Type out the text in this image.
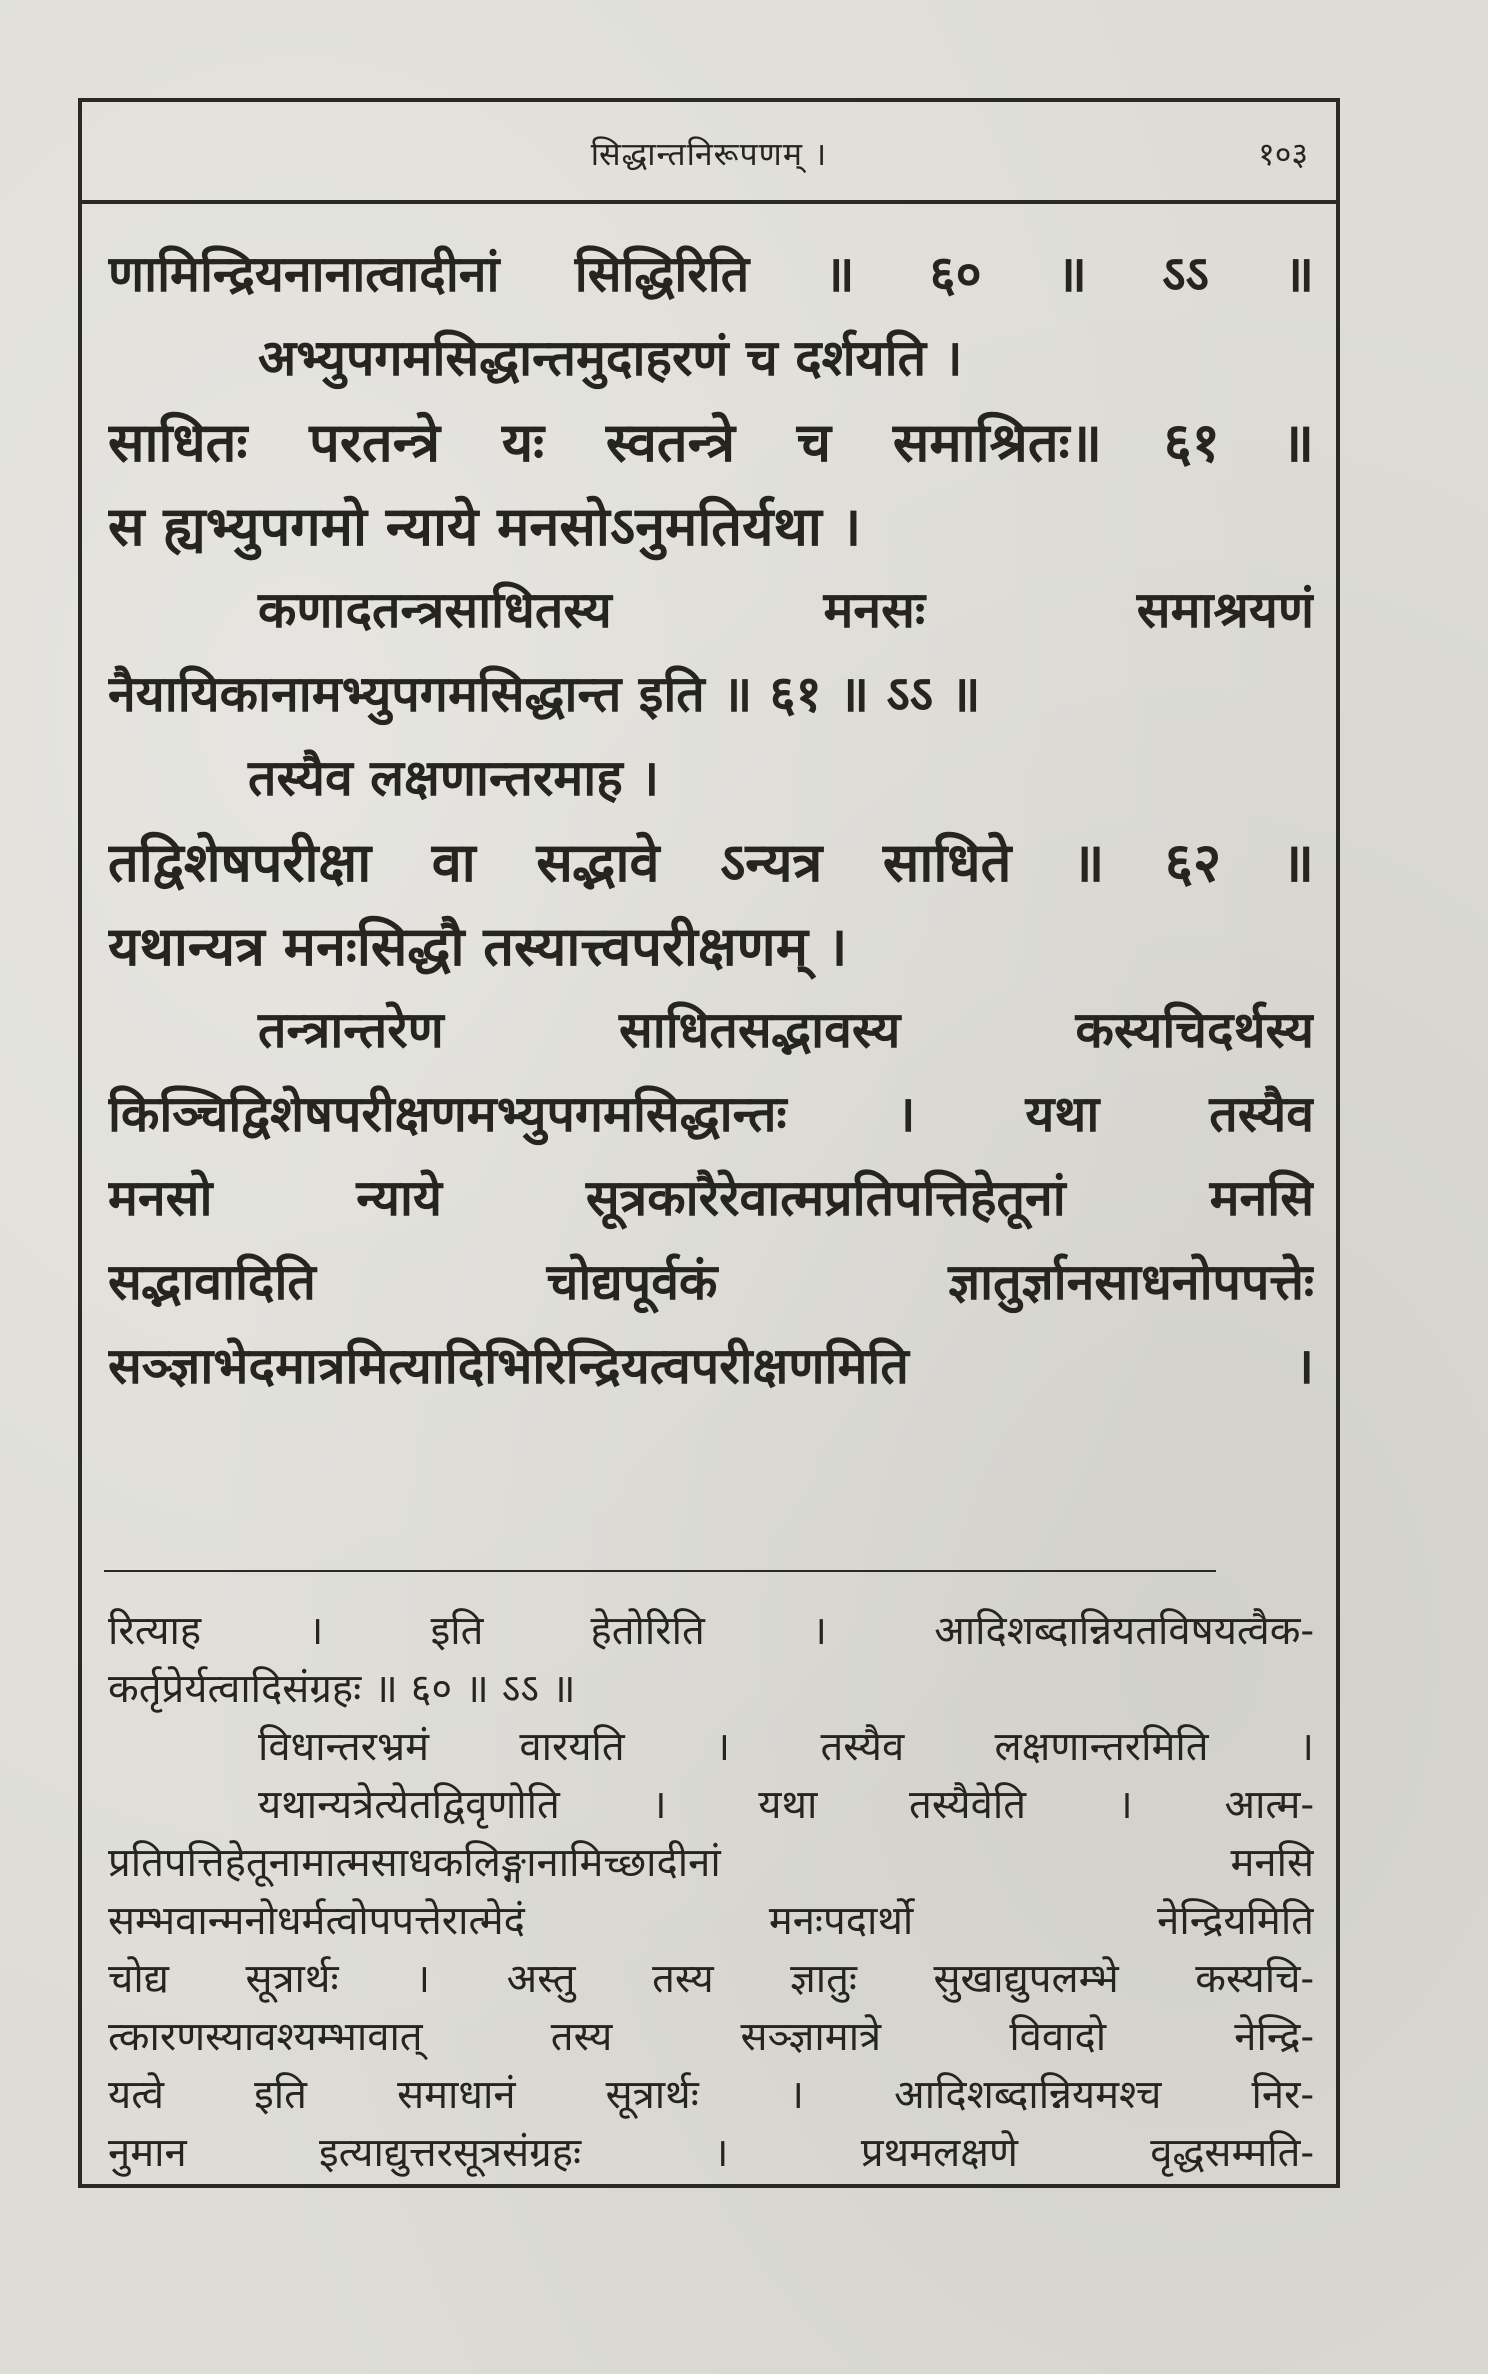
सिद्धान्तनिरूपणम् ।	१०३
णामिन्द्रियनानात्वादीनां सिद्धिरिति ॥ ६० ॥ ऽऽ ॥
अभ्युपगमसिद्धान्तमुदाहरणं च दर्शयति ।
साधितः परतन्त्रे यः स्वतन्त्रे च समाश्रितः॥ ६१ ॥
स ह्यभ्युपगमो न्याये मनसोऽनुमतिर्यथा ।
कणादतन्त्रसाधितस्य मनसः समाश्रयणं
नैयायिकानामभ्युपगमसिद्धान्त इति ॥ ६१ ॥ ऽऽ ॥
तस्यैव लक्षणान्तरमाह ।
तद्विशेषपरीक्षा वा सद्भावे ऽन्यत्र साधिते ॥ ६२ ॥
यथान्यत्र मनःसिद्धौ तस्यात्त्वपरीक्षणम् ।
तन्त्रान्तरेण साधितसद्भावस्य कस्यचिदर्थस्य
किञ्चिद्विशेषपरीक्षणमभ्युपगमसिद्धान्तः । यथा तस्यैव
मनसो न्याये सूत्रकारैरेवात्मप्रतिपत्तिहेतूनां मनसि
सद्भावादिति चोद्यपूर्वकं ज्ञातुर्ज्ञानसाधनोपपत्तेः
सञ्ज्ञाभेदमात्रमित्यादिभिरिन्द्रियत्वपरीक्षणमिति ।
रित्याह । इति हेतोरिति । आदिशब्दान्नियतविषयत्वैक-
कर्तृप्रेर्यत्वादिसंग्रहः ॥ ६० ॥ ऽऽ ॥
विधान्तरभ्रमं वारयति । तस्यैव लक्षणान्तरमिति ।
यथान्यत्रेत्येतद्विवृणोति । यथा तस्यैवेति । आत्म-
प्रतिपत्तिहेतूनामात्मसाधकलिङ्गानामिच्छादीनां मनसि
सम्भवान्मनोधर्मत्वोपपत्तेरात्मेदं मनःपदार्थो नेन्द्रियमिति
चोद्य सूत्रार्थः । अस्तु तस्य ज्ञातुः सुखाद्युपलम्भे कस्यचि-
त्कारणस्यावश्यम्भावात् तस्य सञ्ज्ञामात्रे विवादो नेन्द्रि-
यत्वे इति समाधानं सूत्रार्थः । आदिशब्दान्नियमश्च निर-
नुमान इत्याद्युत्तरसूत्रसंग्रहः । प्रथमलक्षणे वृद्धसम्मति-
